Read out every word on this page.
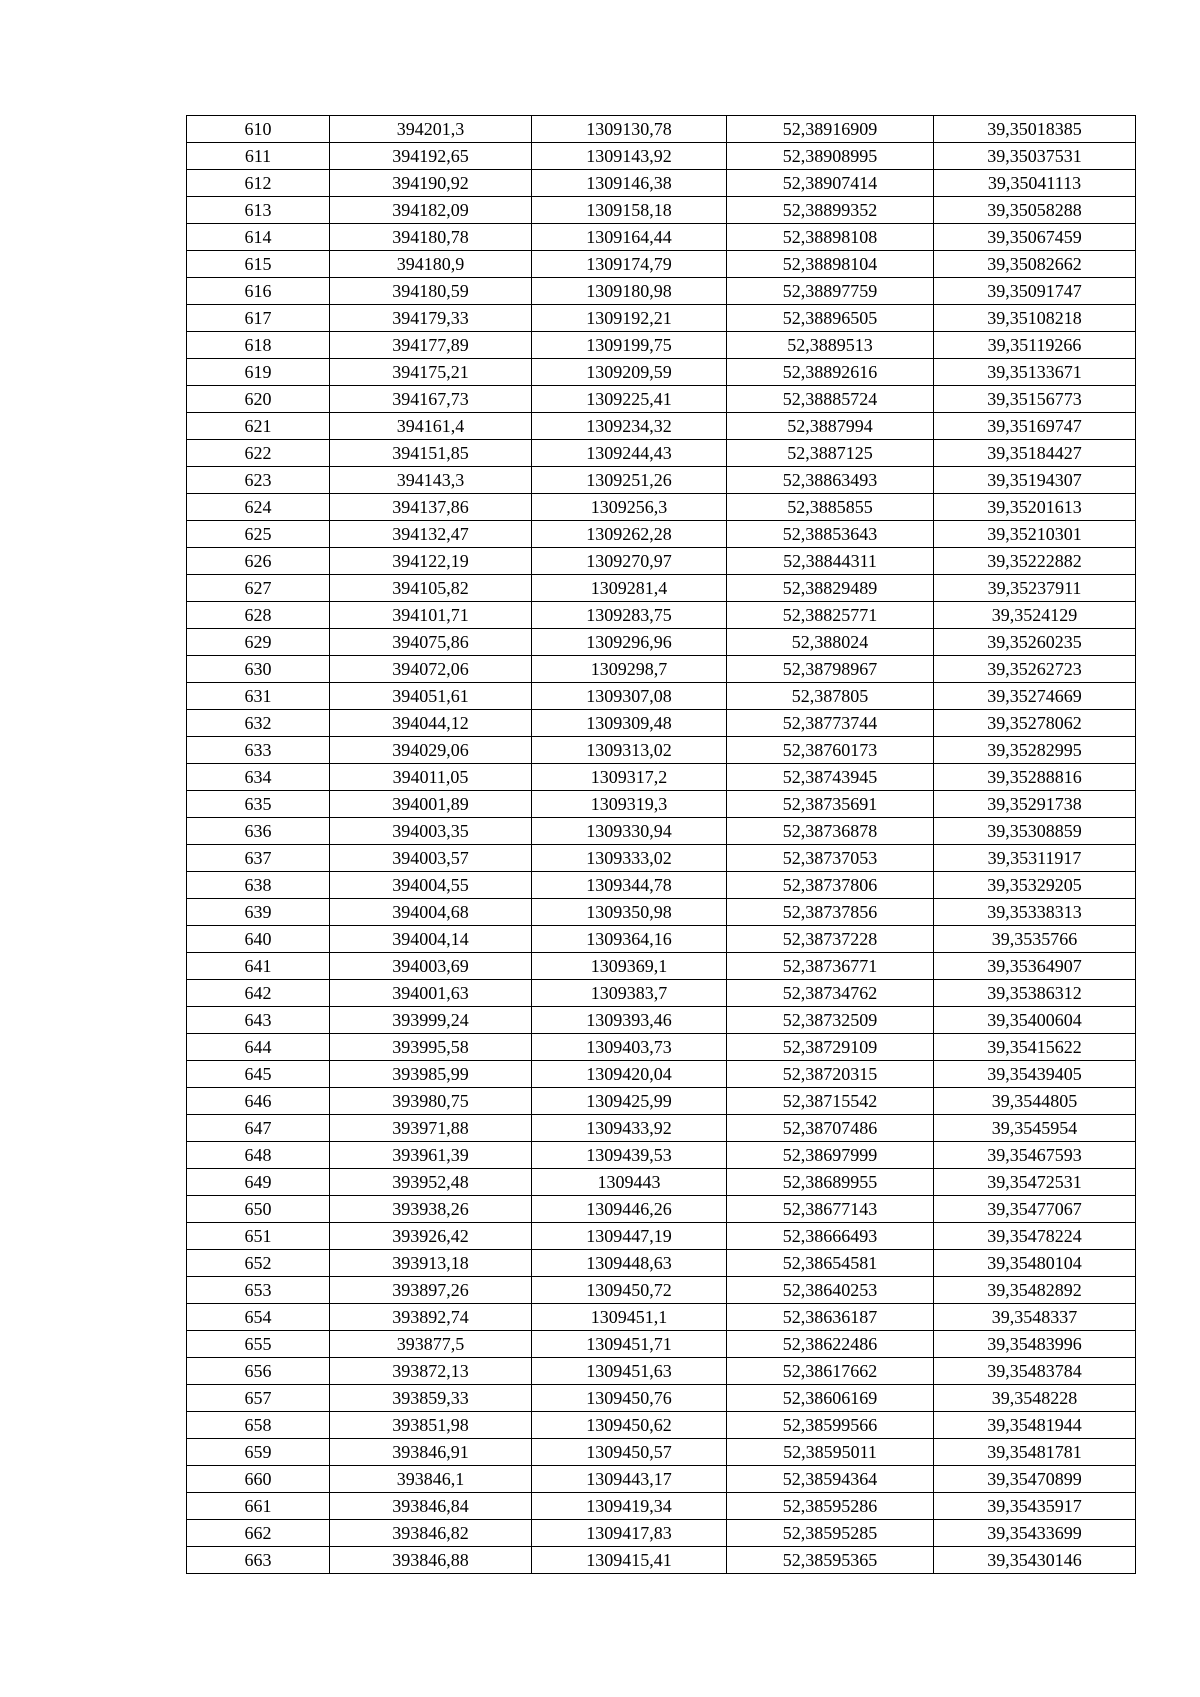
610	394201,3	1309130,78	52,38916909	39,35018385
611	394192,65	1309143,92	52,38908995	39,35037531
612	394190,92	1309146,38	52,38907414	39,35041113
613	394182,09	1309158,18	52,38899352	39,35058288
614	394180,78	1309164,44	52,38898108	39,35067459
615	394180,9	1309174,79	52,38898104	39,35082662
616	394180,59	1309180,98	52,38897759	39,35091747
617	394179,33	1309192,21	52,38896505	39,35108218
618	394177,89	1309199,75	52,3889513	39,35119266
619	394175,21	1309209,59	52,38892616	39,35133671
620	394167,73	1309225,41	52,38885724	39,35156773
621	394161,4	1309234,32	52,3887994	39,35169747
622	394151,85	1309244,43	52,3887125	39,35184427
623	394143,3	1309251,26	52,38863493	39,35194307
624	394137,86	1309256,3	52,3885855	39,35201613
625	394132,47	1309262,28	52,38853643	39,35210301
626	394122,19	1309270,97	52,38844311	39,35222882
627	394105,82	1309281,4	52,38829489	39,35237911
628	394101,71	1309283,75	52,38825771	39,3524129
629	394075,86	1309296,96	52,388024	39,35260235
630	394072,06	1309298,7	52,38798967	39,35262723
631	394051,61	1309307,08	52,387805	39,35274669
632	394044,12	1309309,48	52,38773744	39,35278062
633	394029,06	1309313,02	52,38760173	39,35282995
634	394011,05	1309317,2	52,38743945	39,35288816
635	394001,89	1309319,3	52,38735691	39,35291738
636	394003,35	1309330,94	52,38736878	39,35308859
637	394003,57	1309333,02	52,38737053	39,35311917
638	394004,55	1309344,78	52,38737806	39,35329205
639	394004,68	1309350,98	52,38737856	39,35338313
640	394004,14	1309364,16	52,38737228	39,3535766
641	394003,69	1309369,1	52,38736771	39,35364907
642	394001,63	1309383,7	52,38734762	39,35386312
643	393999,24	1309393,46	52,38732509	39,35400604
644	393995,58	1309403,73	52,38729109	39,35415622
645	393985,99	1309420,04	52,38720315	39,35439405
646	393980,75	1309425,99	52,38715542	39,3544805
647	393971,88	1309433,92	52,38707486	39,3545954
648	393961,39	1309439,53	52,38697999	39,35467593
649	393952,48	1309443	52,38689955	39,35472531
650	393938,26	1309446,26	52,38677143	39,35477067
651	393926,42	1309447,19	52,38666493	39,35478224
652	393913,18	1309448,63	52,38654581	39,35480104
653	393897,26	1309450,72	52,38640253	39,35482892
654	393892,74	1309451,1	52,38636187	39,3548337
655	393877,5	1309451,71	52,38622486	39,35483996
656	393872,13	1309451,63	52,38617662	39,35483784
657	393859,33	1309450,76	52,38606169	39,3548228
658	393851,98	1309450,62	52,38599566	39,35481944
659	393846,91	1309450,57	52,38595011	39,35481781
660	393846,1	1309443,17	52,38594364	39,35470899
661	393846,84	1309419,34	52,38595286	39,35435917
662	393846,82	1309417,83	52,38595285	39,35433699
663	393846,88	1309415,41	52,38595365	39,35430146
